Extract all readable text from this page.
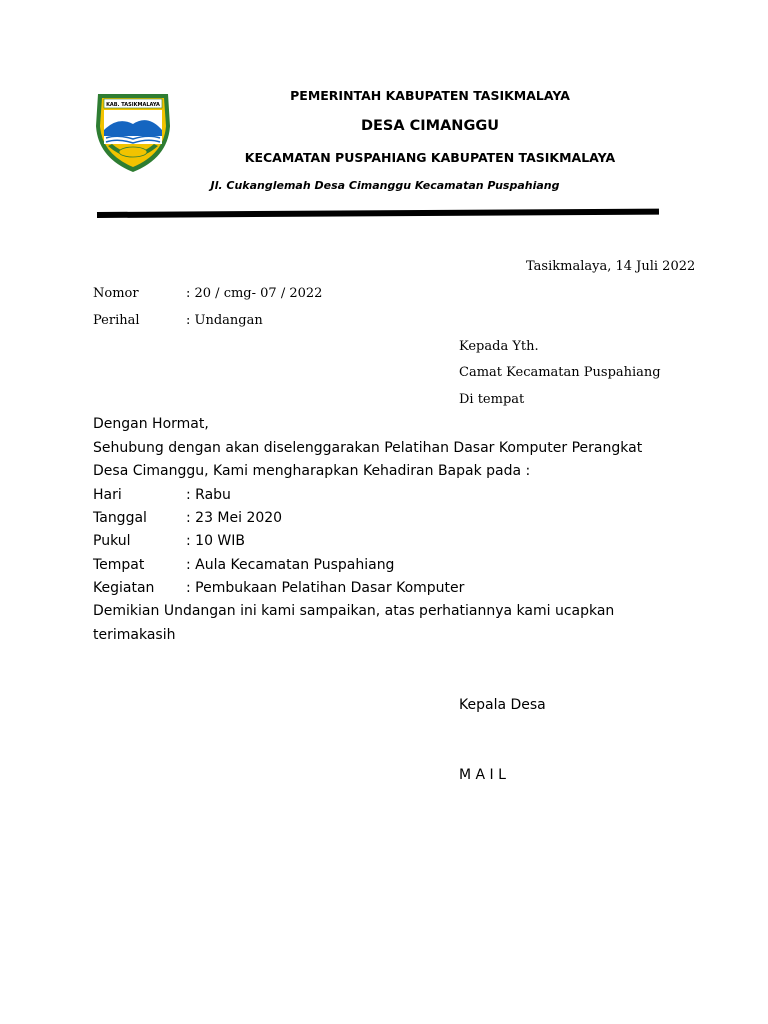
KAB. TASIKMALAYA
PEMERINTAH KABUPATEN TASIKMALAYA
DESA CIMANGGU
KECAMATAN PUSPAHIANG KABUPATEN TASIKMALAYA
Jl. Cukanglemah Desa Cimanggu Kecamatan Puspahiang
Tasikmalaya, 14 Juli 2022
Nomor	: 20 / cmg- 07 / 2022
Perihal	: Undangan
Kepada Yth.
Camat Kecamatan Puspahiang
Di tempat
Dengan Hormat,
Sehubung dengan akan diselenggarakan Pelatihan Dasar Komputer Perangkat
Desa Cimanggu, Kami mengharapkan Kehadiran Bapak pada :
Hari	: Rabu
Tanggal	: 23 Mei 2020
Pukul	: 10 WIB
Tempat	: Aula Kecamatan Puspahiang
Kegiatan : Pembukaan Pelatihan Dasar Komputer
Demikian Undangan ini kami sampaikan, atas perhatiannya kami ucapkan
terimakasih
Kepala Desa
M A I L
